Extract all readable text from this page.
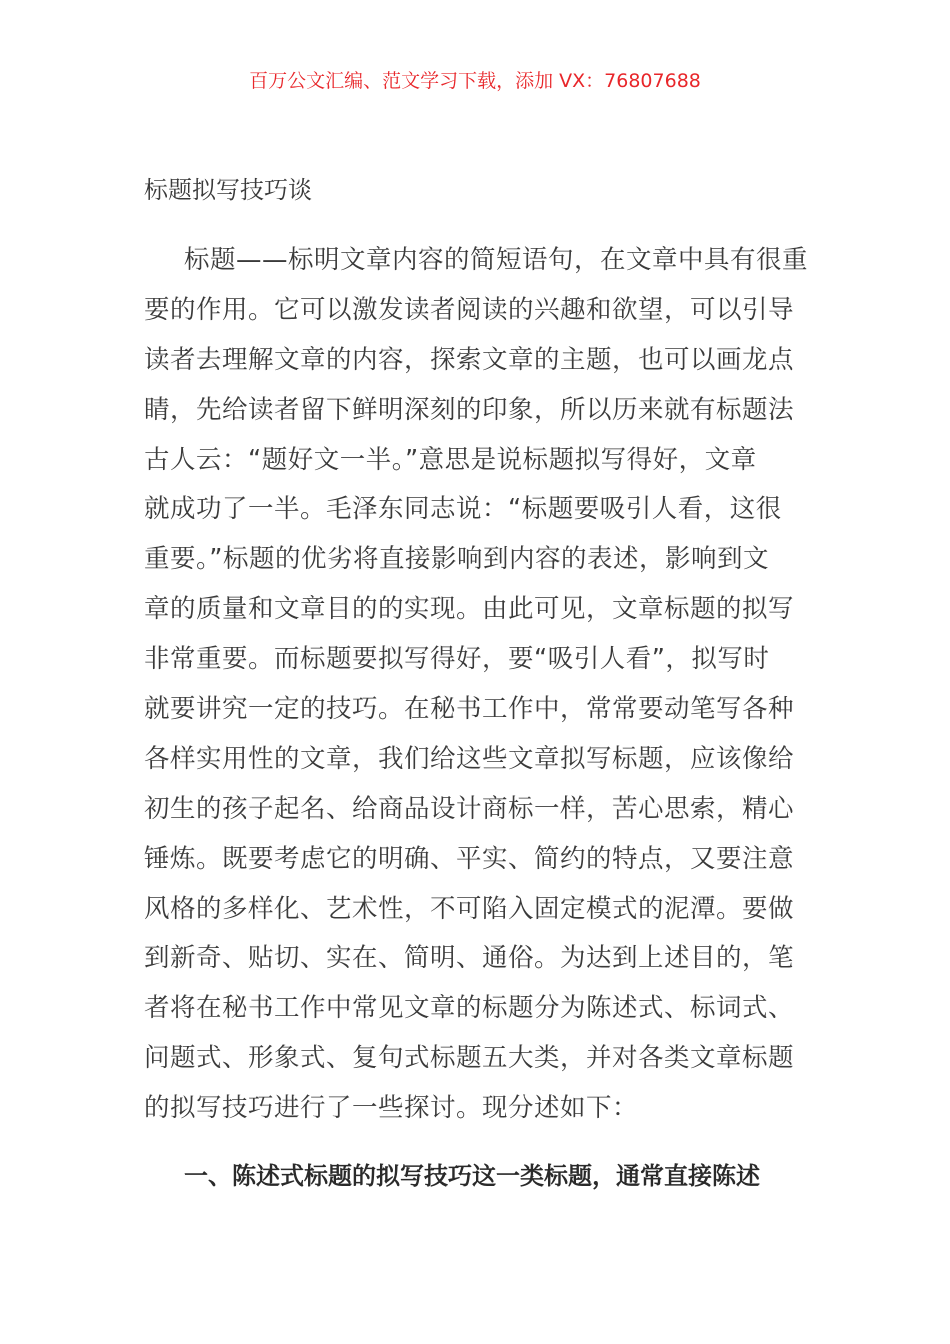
百万公文汇编、范文学习下载，添加 VX：76807688
标题拟写技巧谈
标题——标明文章内容的简短语句，在文章中具有很重
要的作用。它可以激发读者阅读的兴趣和欲望，可以引导
读者去理解文章的内容，探索文章的主题，也可以画龙点
睛，先给读者留下鲜明深刻的印象，所以历来就有标题法
古人云：“题好文一半。”意思是说标题拟写得好，文章
就成功了一半。毛泽东同志说：“标题要吸引人看，这很
重要。”标题的优劣将直接影响到内容的表述，影响到文
章的质量和文章目的的实现。由此可见，文章标题的拟写
非常重要。而标题要拟写得好，要“吸引人看”，拟写时
就要讲究一定的技巧。在秘书工作中，常常要动笔写各种
各样实用性的文章，我们给这些文章拟写标题，应该像给
初生的孩子起名、给商品设计商标一样，苦心思索，精心
锤炼。既要考虑它的明确、平实、简约的特点，又要注意
风格的多样化、艺术性，不可陷入固定模式的泥潭。要做
到新奇、贴切、实在、简明、通俗。为达到上述目的，笔
者将在秘书工作中常见文章的标题分为陈述式、标词式、
问题式、形象式、复句式标题五大类，并对各类文章标题
的拟写技巧进行了一些探讨。现分述如下：
一、陈述式标题的拟写技巧这一类标题，通常直接陈述
